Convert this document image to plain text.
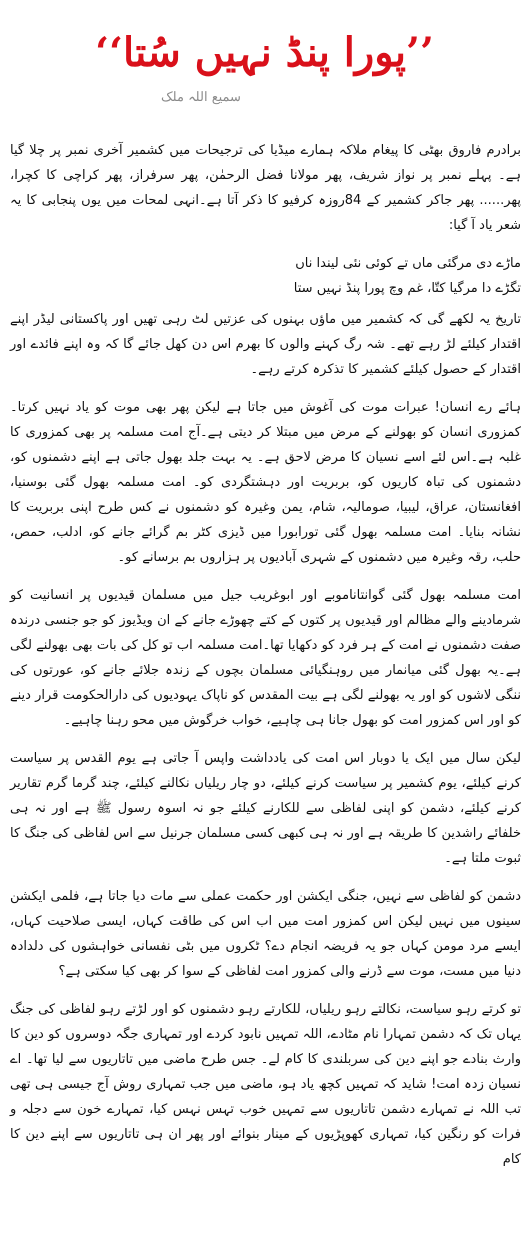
’’پورا پنڈ نہیں سُتا‘‘
سمیع اللہ ملک

برادرم فاروق بھٹی کا پیغام ملاکہ ہمارے میڈیا کی ترجیحات میں کشمیر آخری نمبر پر چلا گیا ہے۔ پہلے نمبر پر نواز شریف، پھر مولانا فضل الرحمٰن، پھر سرفراز، پھر کراچی کا کچرا، پھر...... پھر جاکر کشمیر کے 84روزہ کرفیو کا ذکر آتا ہے۔انہی لمحات میں یوں پنجابی کا یہ شعر یاد آ گیا:

ماڑے دی مرگئی ماں تے کوئی نئی لیندا ناں

تگڑے دا مرگیا کتّا، غم وچ پورا پنڈ نہیں ستا

تاریخ یہ لکھے گی کہ کشمیر میں ماؤں بہنوں کی عزتیں لٹ رہی تھیں اور پاکستانی لیڈر اپنے اقتدار کیلئے لڑ رہے تھے۔ شہ رگ کہنے والوں کا بھرم اس دن کھل جائے گا کہ وہ اپنے فائدے اور اقتدار کے حصول کیلئے کشمیر کا تذکرہ کرتے رہے۔

ہائے رے انسان! عبرات موت کی آغوش میں جاتا ہے لیکن پھر بھی موت کو یاد نہیں کرتا۔کمزوری انسان کو بھولنے کے مرض میں مبتلا کر دیتی ہے۔آج امت مسلمہ پر بھی کمزوری کا غلبہ ہے۔اس لئے اسے نسیان کا مرض لاحق ہے۔ یہ بہت جلد بھول جاتی ہے اپنے دشمنوں کو، دشمنوں کی تباہ کاریوں کو، بربریت اور دہشتگردی کو۔ امت مسلمہ بھول گئی بوسنیا، افغانستان، عراق، لیبیا، صومالیہ، شام، یمن وغیرہ کو دشمنوں نے کس طرح اپنی بربریت کا نشانہ بنایا۔ امت مسلمہ بھول گئی تورابورا میں ڈیزی کٹر بم گرائے جانے کو، ادلب، حمص، حلب، رقہ وغیرہ میں دشمنوں کے شہری آبادیوں پر ہزاروں بم برسانے کو۔

امت مسلمہ بھول گئی گوانتاناموبے اور ابوغریب جیل میں مسلمان قیدیوں پر انسانیت کو شرمادینے والے مظالم اور قیدیوں پر کتوں کے کتے چھوڑے جانے کے ان ویڈیوز کو جو جنسی درندہ صفت دشمنوں نے امت کے ہر فرد کو دکھایا تھا۔امت مسلمہ اب تو کل کی بات بھی بھولنے لگی ہے۔یہ بھول گئی میانمار میں روہنگیائی مسلمان بچوں کے زندہ جلائے جانے کو، عورتوں کی ننگی لاشوں کو اور یہ بھولنے لگی ہے بیت المقدس کو ناپاک یہودیوں کی دارالحکومت قرار دینے کو اور اس کمزور امت کو بھول جانا ہی چاہیے، خواب خرگوش میں محو رہنا چاہیے۔

لیکن سال میں ایک یا دوبار اس امت کی یادداشت واپس آ جاتی ہے یوم القدس پر سیاست کرنے کیلئے، یوم کشمیر پر سیاست کرنے کیلئے، دو چار ریلیاں نکالنے کیلئے، چند گرما گرم تقاریر کرنے کیلئے، دشمن کو اپنی لفاظی سے للکارنے کیلئے جو نہ اسوہ رسول ﷺ ہے اور نہ ہی خلفائے راشدین کا طریقہ ہے اور نہ ہی کبھی کسی مسلمان جرنیل سے اس لفاظی کی جنگ کا ثبوت ملتا ہے۔

دشمن کو لفاظی سے نہیں، جنگی ایکشن اور حکمت عملی سے مات دیا جاتا ہے، فلمی ایکشن سینوں میں نہیں لیکن اس کمزور امت میں اب اس کی طاقت کہاں، ایسی صلاحیت کہاں، ایسے مرد مومن کہاں جو یہ فریضہ انجام دے؟ ٹکروں میں بٹی نفسانی خواہشوں کی دلدادہ دنیا میں مست، موت سے ڈرنے والی کمزور امت لفاظی کے سوا کر بھی کیا سکتی ہے؟

تو کرتے رہو سیاست، نکالتے رہو ریلیاں، للکارتے رہو دشمنوں کو اور لڑتے رہو لفاظی کی جنگ یہاں تک کہ دشمن تمہارا نام مٹادے، اللہ تمہیں نابود کردے اور تمہاری جگہ دوسروں کو دین کا وارث بنادے جو اپنے دین کی سربلندی کا کام لے۔ جس طرح ماضی میں تاتاریوں سے لیا تھا۔ اے نسیان زدہ امت! شاید کہ تمہیں کچھ یاد ہو، ماضی میں جب تمہاری روش آج جیسی ہی تھی تب اللہ نے تمہارے دشمن تاتاریوں سے تمہیں خوب تہس نہس کیا، تمہارے خون سے دجلہ و فرات کو رنگین کیا، تمہاری کھوپڑیوں کے مینار بنوائے اور پھر ان ہی تاتاریوں سے اپنے دین کا کام
